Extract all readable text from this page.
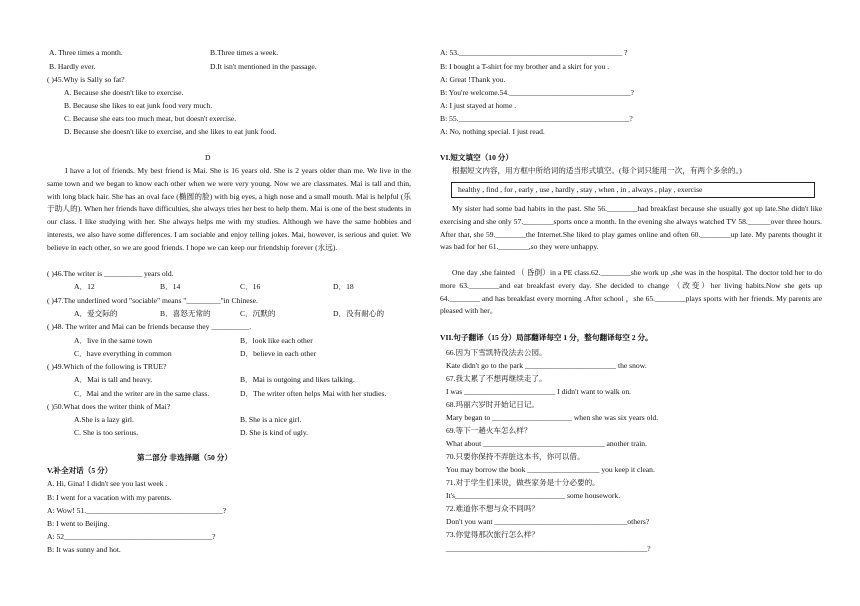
A. Three times a month.	B.Three times a week.
B. Hardly ever.	D.It isn't mentioned in the passage.
( )45.Why is Sally so fat?
A. Because she doesn't like to exercise.
B. Because she likes to eat junk food very much.
C. Because she eats too much meat, but doesn't exercise.
D. Because she doesn't like to exercise, and she likes to eat junk food.
D
I have a lot of friends. My best friend is Mai. She is 16 years old. She is 2 years older than me. We live in the same town and we began to know each other when we were very young. Now we are classmates. Mai is tall and thin, with long black hair. She has an oval face (椭圆的脸) with big eyes, a high nose and a small mouth. Mai is helpful (乐于助人的). When her friends have difficulties, she always tries her best to help them. Mai is one of the best students in our class. I like studying with her. She always helps me with my studies. Although we have the same hobbies and interests, we also have some differences. I am sociable and enjoy telling jokes. Mai, however, is serious and quiet. We believe in each other, so we are good friends. I hope we can keep our friendship forever (永远).
( )46.The writer is __________ years old.
A．12	B．14	C．16	D．18
( )47.The underlined word "sociable" means "_________"in Chinese.
A．爱交际的	B．喜怒无常的	C．沉默的	D．没有耐心的
( )48. The writer and Mai can be friends because they __________.
A．live in the same town	B．look like each other
C．have everything in common	D．believe in each other
( )49.Which of the following is TRUE?
A．Mai is tall and heavy.	B．Mai is outgoing and likes talking.
C．Mai and the writer are in the same class.	D．The writer often helps Mai with her studies.
( )50.What does the writer think of Mai?
A.She is a lazy girl.	B. She is a nice girl.
C. She is too serious.	D. She is kind of ugly.
第二部分 非选择题（50 分）
V.补全对话（5 分）
A. Hi, Gina! I didn't see you last week .
B: I went for a vacation with my parents.
A: Wow! 51.____________________________________?
B: I went to Beijing.
A: 52_______________________________________?
B: It was sunny and hot.
A: 53.___________________________________________ ?
B: I bought a T-shirt for my brother and a skirt for you .
A: Great !Thank you.
B: You're welcome.54.________________________________?
A: I just stayed at home .
B: 55._____________________________________________?
A: No, nothing special. I just read.
VI.短文填空（10 分）
根据短文内容，用方框中所给词的适当形式填空。(每个词只能用一次，有两个多余的。)
healthy , find , for , early , use , hardly , stay , when , in , always , play , exercise
My sister had some bad habits in the past. She 56.________had breakfast because she usually got up late.She didn't like exercising and she only 57.________sports once a month. In the evening she always watched TV 58.______over three hours. After that, she 59.________the Internet.She liked to play games online and often 60.________up late. My parents thought it was bad for her 61.________,so they were unhappy.
One day ,she fainted （ 昏倒）in a PE class.62.________she work up ,she was in the hospital. The doctor told her to do more 63.________and eat breakfast every day. She decided to change （改变）her living habits.Now she gets up 64.________ and has breakfast every morning .After school ，she 65.________plays sports with her friends. My parents are pleased with her。
VII.句子翻译（15 分）局部翻译每空 1 分，整句翻译每空 2 分。
66.因为下雪凯特没法去公园。
Kate didn't go to the park ________________________ the snow.
67.我太累了不想再继续走了。
I was ________________________ I didn't want to walk on.
68.玛丽六岁时开始记日记。
Mary began to _____________________ when she was six years old.
69.等下一趟火车怎么样？
What about ________________________________ another train.
70.只要你保持不弄脏这本书，你可以借。
You may borrow the book ___________________ you keep it clean.
71.对于学生们来说，做些家务是十分必要的。
It's_____________________________ some housework.
72.难道你不想与众不同吗？
Don't you want ___________________________________others?
73.你觉得那次旅行怎么样？
_____________________________________________________?
